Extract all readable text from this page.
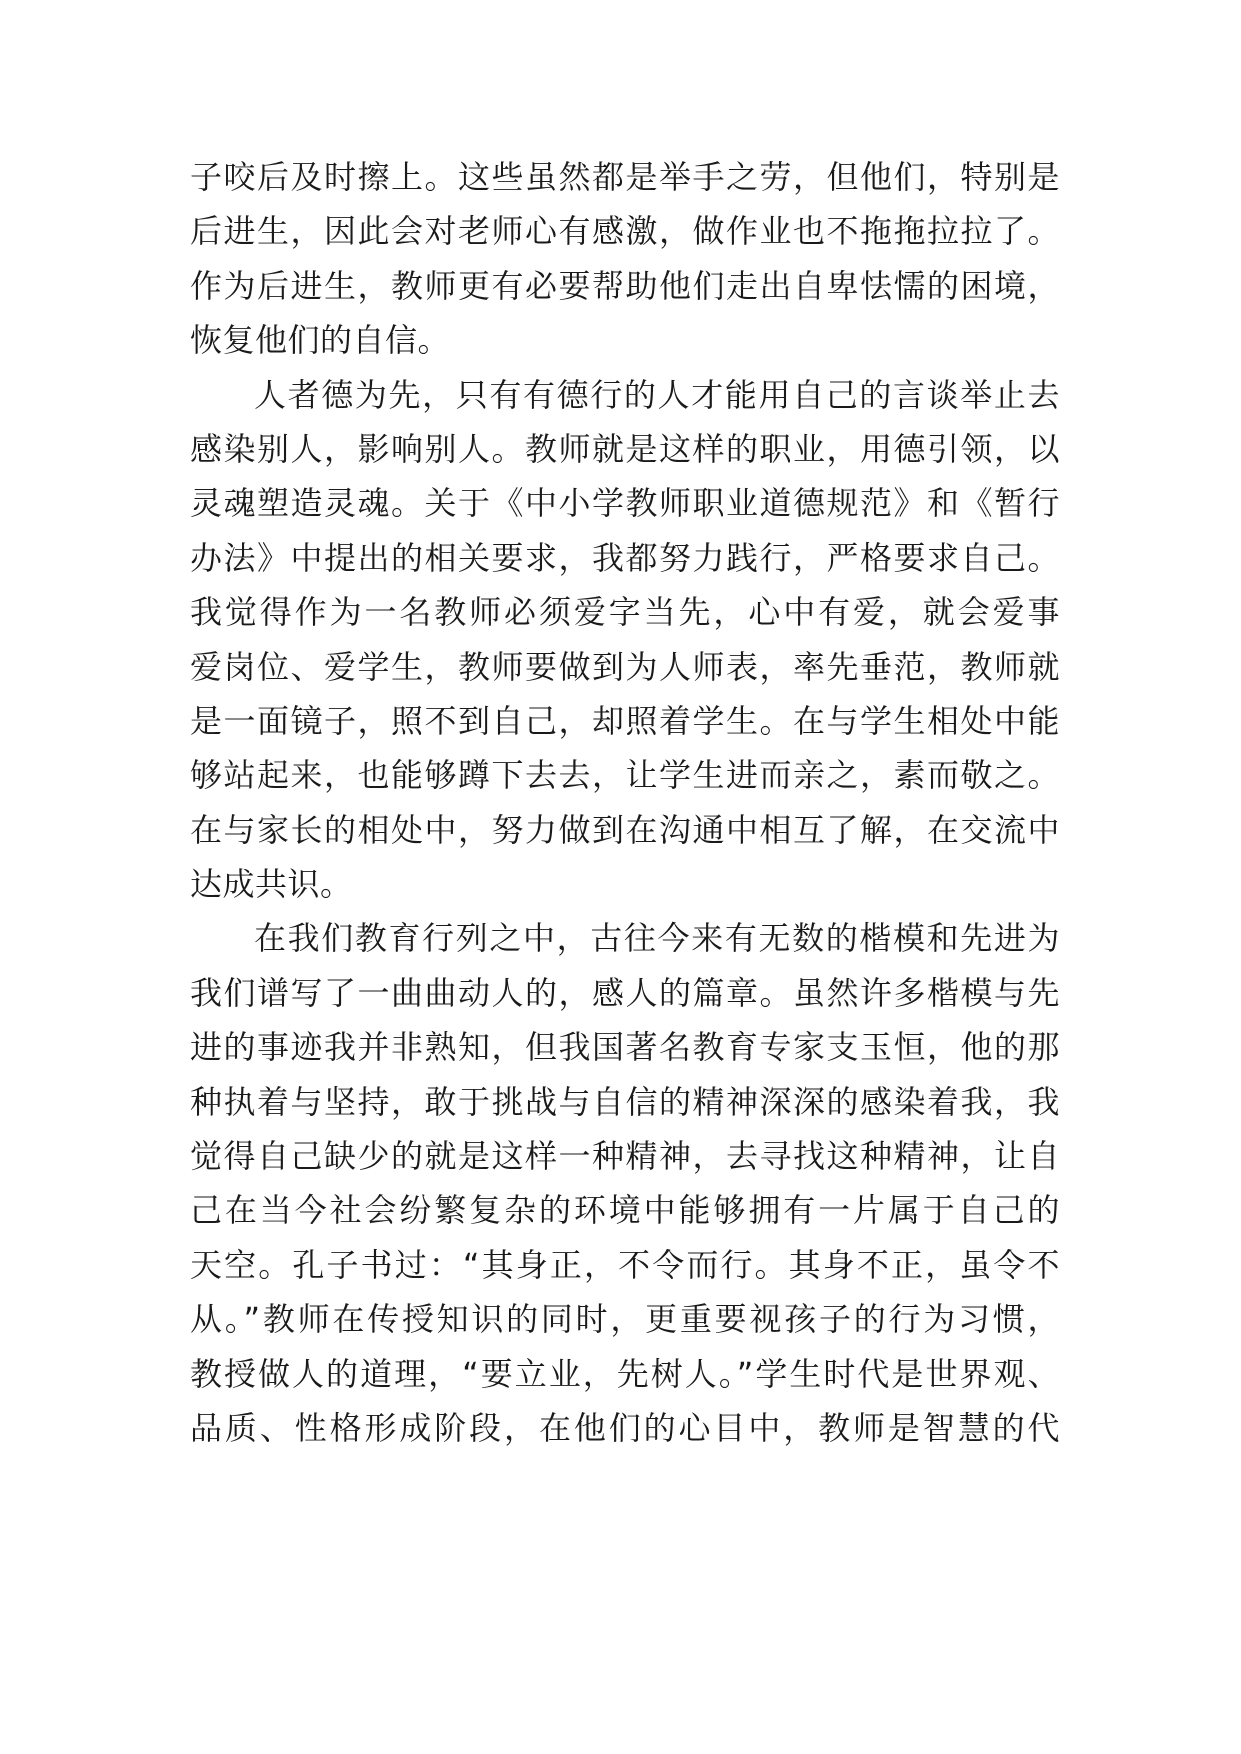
子咬后及时擦上。这些虽然都是举手之劳，但他们，特别是
后进生，因此会对老师心有感激，做作业也不拖拖拉拉了。
作为后进生，教师更有必要帮助他们走出自卑怯懦的困境，
恢复他们的自信。
人者德为先，只有有德行的人才能用自己的言谈举止去
感染别人，影响别人。教师就是这样的职业，用德引领，以
灵魂塑造灵魂。关于《中小学教师职业道德规范》和《暂行
办法》中提出的相关要求，我都努力践行，严格要求自己。
我觉得作为一名教师必须爱字当先，心中有爱，就会爱事
爱岗位、爱学生，教师要做到为人师表，率先垂范，教师就
是一面镜子，照不到自己，却照着学生。在与学生相处中能
够站起来，也能够蹲下去去，让学生进而亲之，素而敬之。
在与家长的相处中，努力做到在沟通中相互了解，在交流中
达成共识。
在我们教育行列之中，古往今来有无数的楷模和先进为
我们谱写了一曲曲动人的，感人的篇章。虽然许多楷模与先
进的事迹我并非熟知，但我国著名教育专家支玉恒，他的那
种执着与坚持，敢于挑战与自信的精神深深的感染着我，我
觉得自己缺少的就是这样一种精神，去寻找这种精神，让自
己在当今社会纷繁复杂的环境中能够拥有一片属于自己的
天空。孔子书过：“其身正，不令而行。其身不正，虽令不
从。”教师在传授知识的同时，更重要视孩子的行为习惯，
教授做人的道理，“要立业，先树人。”学生时代是世界观、
品质、性格形成阶段，在他们的心目中，教师是智慧的代
